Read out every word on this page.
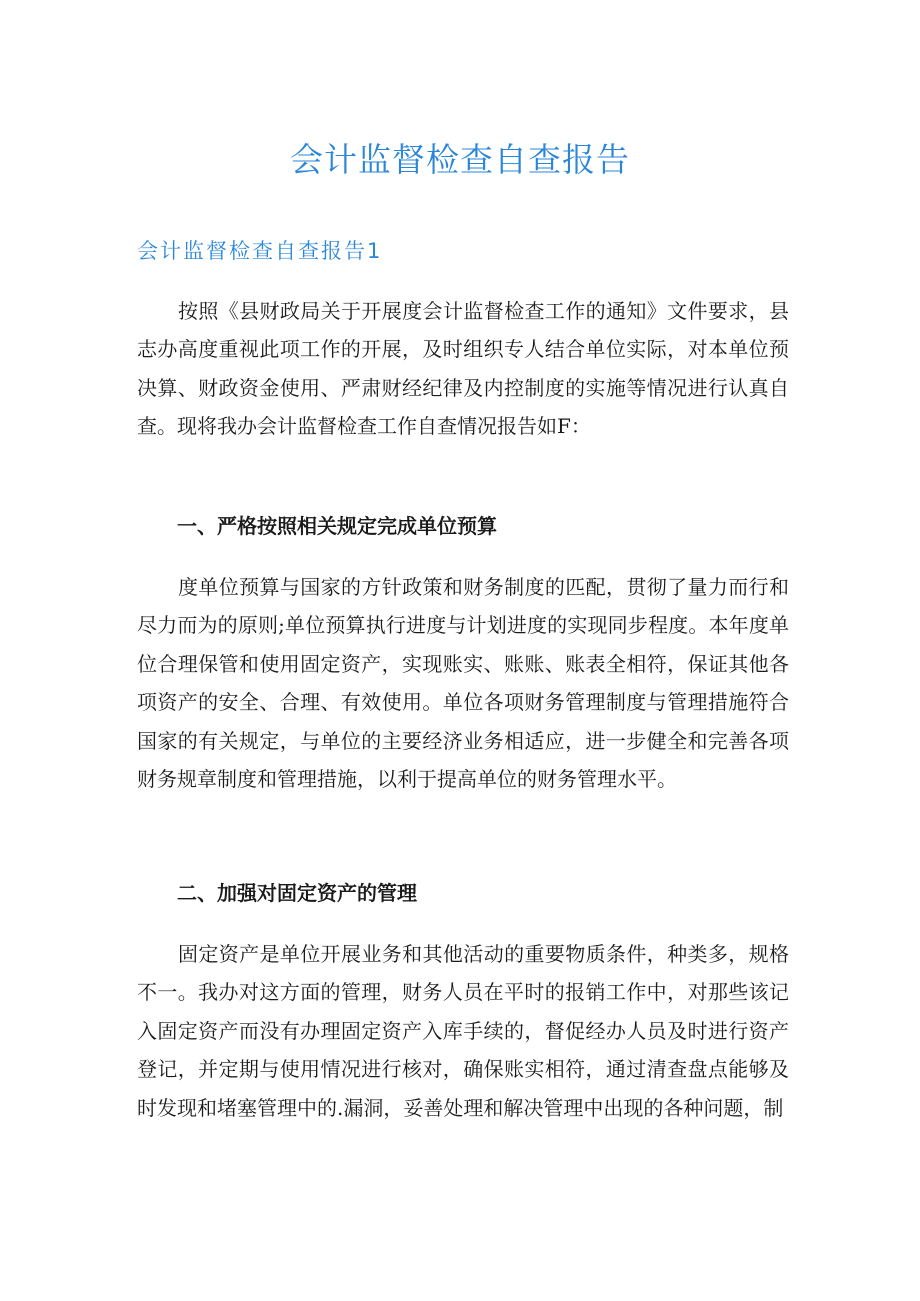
会计监督检查自查报告
会计监督检查自查报告1

按照《县财政局关于开展度会计监督检查工作的通知》文件要求，县志办高度重视此项工作的开展，及时组织专人结合单位实际，对本单位预决算、财政资金使用、严肃财经纪律及内控制度的实施等情况进行认真自查。现将我办会计监督检查工作自查情况报告如F：

一、严格按照相关规定完成单位预算

度单位预算与国家的方针政策和财务制度的匹配，贯彻了量力而行和尽力而为的原则;单位预算执行进度与计划进度的实现同步程度。本年度单位合理保管和使用固定资产，实现账实、账账、账表全相符，保证其他各项资产的安全、合理、有效使用。单位各项财务管理制度与管理措施符合国家的有关规定，与单位的主要经济业务相适应，进一步健全和完善各项财务规章制度和管理措施，以利于提高单位的财务管理水平。

二、加强对固定资产的管理

固定资产是单位开展业务和其他活动的重要物质条件，种类多，规格不一。我办对这方面的管理，财务人员在平时的报销工作中，对那些该记入固定资产而没有办理固定资产入库手续的，督促经办人员及时进行资产登记，并定期与使用情况进行核对，确保账实相符，通过清查盘点能够及时发现和堵塞管理中的.漏洞，妥善处理和解决管理中出现的各种问题，制
